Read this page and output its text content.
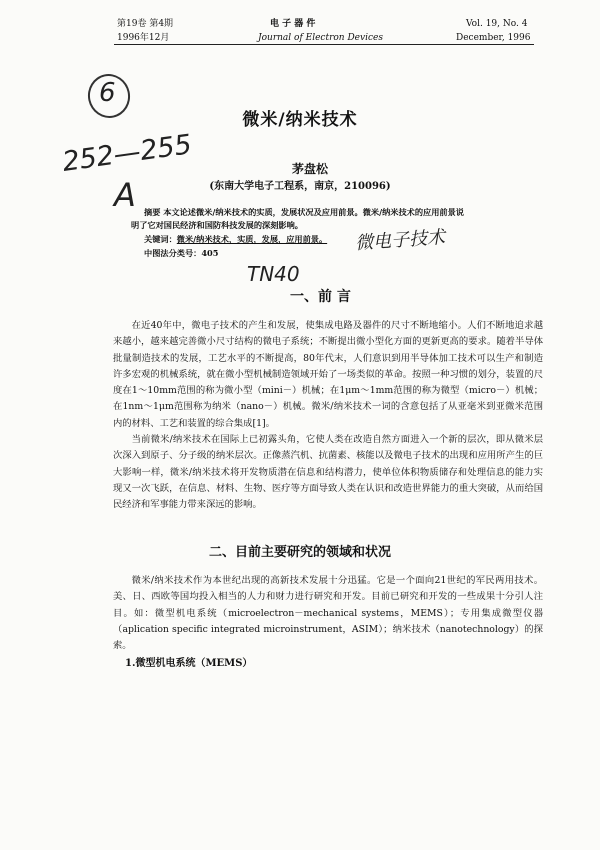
第19卷 第4期
1996年12月
电 子 器 件
Journal of Electron Devices
Vol. 19, No. 4
December, 1996
6
252—255
A
微电子技术
TN40
微米/纳米技术
茅盘松
(东南大学电子工程系，南京，210096)
摘要 本文论述微米/纳米技术的实质，发展状况及应用前景。微米/纳米技术的应用前景说
明了它对国民经济和国防科技发展的深刻影响。
关键词：微米/纳米技术，实质，发展，应用前景。
中图法分类号：405
一、前 言

在近40年中，微电子技术的产生和发展，使集成电路及器件的尺寸不断地缩小。人们不断地追求越来越小，越来越完善微小尺寸结构的微电子系统；不断提出微小型化方面的更新更高的要求。随着半导体批量制造技术的发展，工艺水平的不断提高，80年代末，人们意识到用半导体加工技术可以生产和制造许多宏观的机械系统，就在微小型机械制造领域开始了一场类似的革命。按照一种习惯的划分，装置的尺度在1～10mm范围的称为微小型（mini－）机械；在1μm～1mm范围的称为微型（micro－）机械；在1nm～1μm范围称为纳米（nano－）机械。微米/纳米技术一词的含意包括了从亚毫米到亚微米范围内的材料、工艺和装置的综合集成[1]。

当前微米/纳米技术在国际上已初露头角，它使人类在改造自然方面进入一个新的层次，即从微米层次深入到原子、分子级的纳米层次。正像蒸汽机、抗菌素、核能以及微电子技术的出现和应用所产生的巨大影响一样，微米/纳米技术将开发物质潜在信息和结构潜力，使单位体积物质储存和处理信息的能力实现又一次飞跃，在信息、材料、生物、医疗等方面导致人类在认识和改造世界能力的重大突破，从而给国民经济和军事能力带来深远的影响。

二、目前主要研究的领域和状况

微米/纳米技术作为本世纪出现的高新技术发展十分迅猛。它是一个面向21世纪的军民两用技术。美、日、西欧等国均投入相当的人力和财力进行研究和开发。目前已研究和开发的一些成果十分引人注目。如：微型机电系统（microelectron－mechanical systems，MEMS）；专用集成微型仪器（aplication specific integrated microinstrument，ASIM）；纳米技术（nanotechnology）的探索。

1.微型机电系统（MEMS）
